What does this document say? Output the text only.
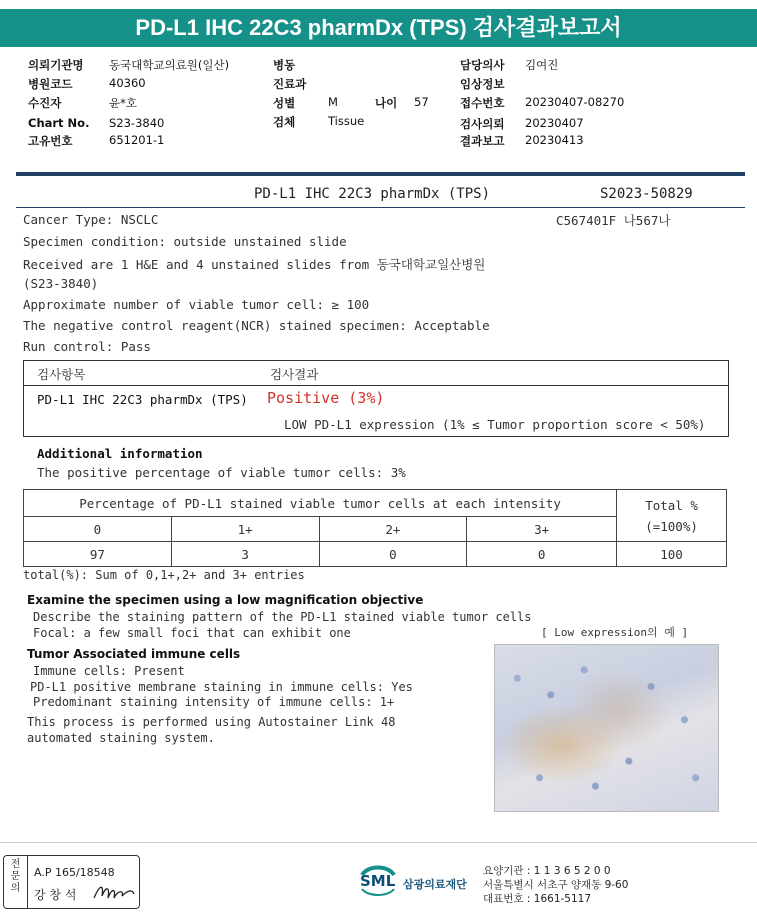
PD-L1 IHC 22C3 pharmDx (TPS) 검사결과보고서
의뢰기관명 동국대학교의료원(일산)
병원코드	40360
수진자	윤*호
Chart No. S23-3840
고유번호	651201-1
병동
진료과
성별	M	나이 57
검체	Tissue
담당의사 김여진
임상정보
접수번호 20230407-08270
검사의뢰 20230407
결과보고 20230413
PD-L1 IHC 22C3 pharmDx (TPS)	S2023-50829
C567401F 나567나
Cancer Type: NSCLC
Specimen condition: outside unstained slide
Received are 1 H&E and 4 unstained slides from 동국대학교일산병원
(S23-3840)
Approximate number of viable tumor cell: ≥ 100
The negative control reagent(NCR) stained specimen: Acceptable
Run control: Pass
검사항목	검사결과
PD-L1 IHC 22C3 pharmDx (TPS) Positive (3%)
LOW PD-L1 expression (1% ≤ Tumor proportion score < 50%)
Additional information
The positive percentage of viable tumor cells: 3%
Percentage of PD-L1 stained viable tumor cells at each intensity				Total %
(=100%)
0	1+	2+	3+	
97	3	0	0	100
total(%): Sum of 0,1+,2+ and 3+ entries
Examine the specimen using a low magnification objective
Describe the staining pattern of the PD-L1 stained viable tumor cells
Focal: a few small foci that can exhibit one	[ Low expression의 예 ]
Tumor Associated immune cells
Immune cells: Present
PD-L1 positive membrane staining in immune cells: Yes
Predominant staining intensity of immune cells: 1+
This process is performed using Autostainer Link 48
automated staining system.
전문의
A.P 165/18548
강 창 석
SML 삼광의료재단
요양기관 : 1 1 3 6 5 2 0 0
서울특별시 서초구 양재동 9-60
대표번호 : 1661-5117
